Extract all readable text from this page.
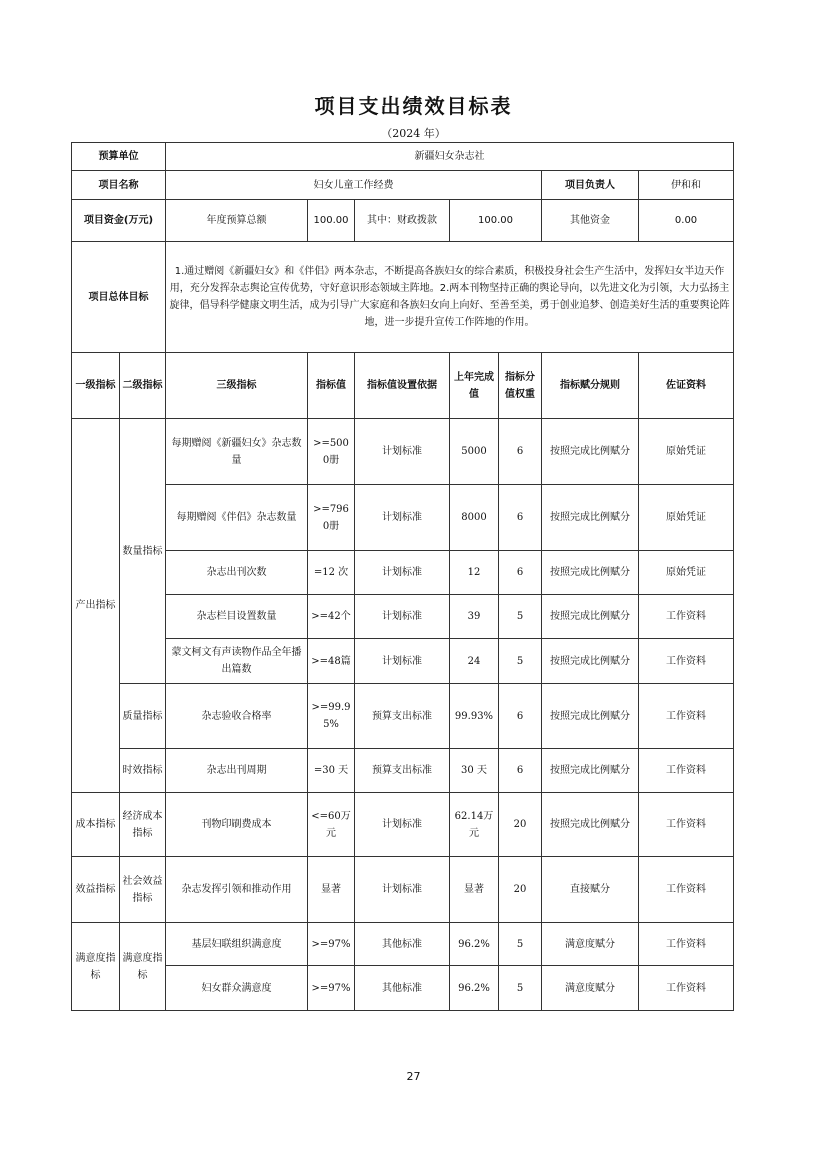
项目支出绩效目标表
（2024 年）
预算单位		新疆妇女杂志社						
项目名称		妇女儿童工作经费					项目负责人	伊和和
项目资金(万元)		年度预算总额	100.00	其中：财政拨款	100.00		其他资金	0.00
项目总体目标		1.通过赠阅《新疆妇女》和《伴侣》两本杂志，不断提高各族妇女的综合素质，积极投身社会生产生活中，发挥妇女半边天作用，充分发挥杂志舆论宣传优势，守好意识形态领域主阵地。2.两本刊物坚持正确的舆论导向，以先进文化为引领，大力弘扬主旋律，倡导科学健康文明生活，成为引导广大家庭和各族妇女向上向好、至善至美，勇于创业追梦、创造美好生活的重要舆论阵地，进一步提升宣传工作阵地的作用。						
一级指标	二级指标	三级指标	指标值	指标值设置依据	上年完成值	指标分值权重	指标赋分规则	佐证资料
产出指标	数量指标	每期赠阅《新疆妇女》杂志数量	>=5000册	计划标准	5000	6	按照完成比例赋分	原始凭证
		每期赠阅《伴侣》杂志数量	>=7960册	计划标准	8000	6	按照完成比例赋分	原始凭证
		杂志出刊次数	=12 次	计划标准	12	6	按照完成比例赋分	原始凭证
		杂志栏目设置数量	>=42个	计划标准	39	5	按照完成比例赋分	工作资料
		蒙文柯文有声读物作品全年播出篇数	>=48篇	计划标准	24	5	按照完成比例赋分	工作资料
	质量指标	杂志验收合格率	>=99.95%	预算支出标准	99.93%	6	按照完成比例赋分	工作资料
	时效指标	杂志出刊周期	=30 天	预算支出标准	30 天	6	按照完成比例赋分	工作资料
成本指标	经济成本指标	刊物印刷费成本	<=60万元	计划标准	62.14万元	20	按照完成比例赋分	工作资料
效益指标	社会效益指标	杂志发挥引领和推动作用	显著	计划标准	显著	20	直接赋分	工作资料
满意度指标	满意度指标	基层妇联组织满意度	>=97%	其他标准	96.2%	5	满意度赋分	工作资料
		妇女群众满意度	>=97%	其他标准	96.2%	5	满意度赋分	工作资料
27
